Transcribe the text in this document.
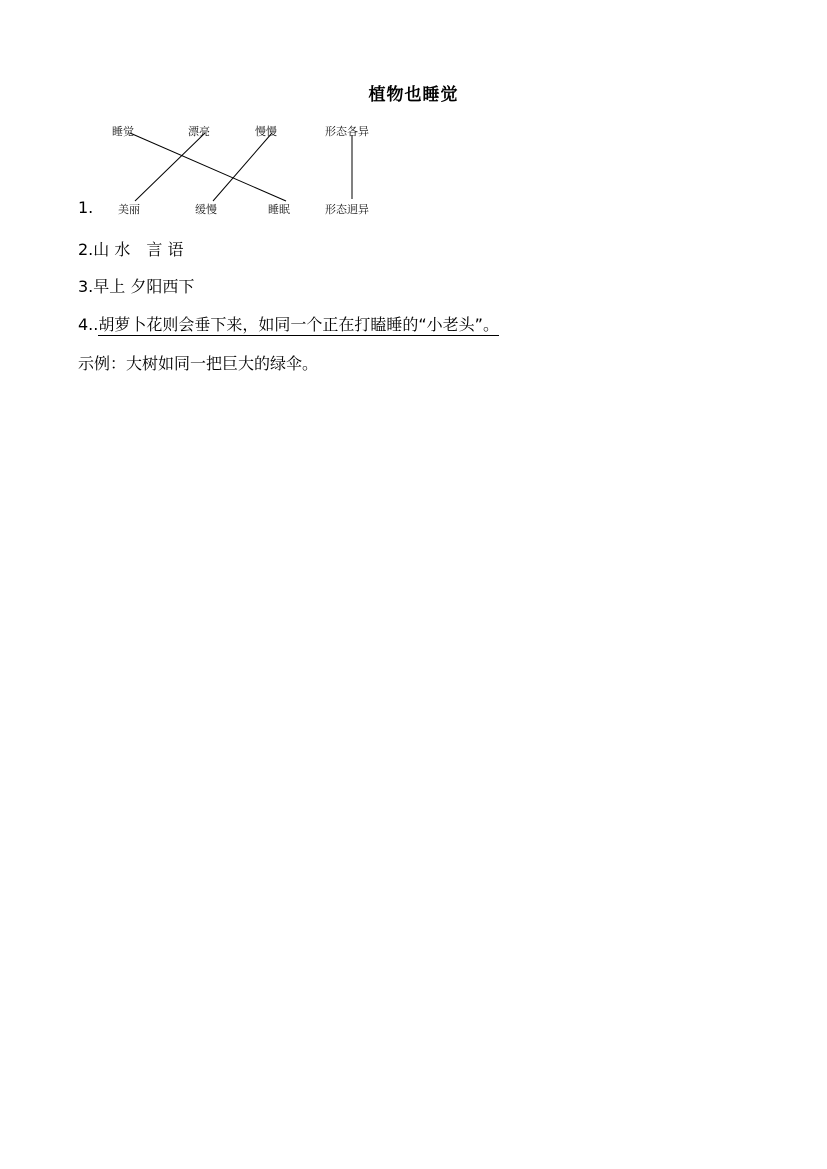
植物也睡觉
睡觉	漂亮	慢慢	形态各异
美丽	缓慢	睡眠	形态迥异
1.
2.山 水　言 语
3.早上 夕阳西下
4..胡萝卜花则会垂下来，如同一个正在打瞌睡的“小老头”。
示例：大树如同一把巨大的绿伞。
